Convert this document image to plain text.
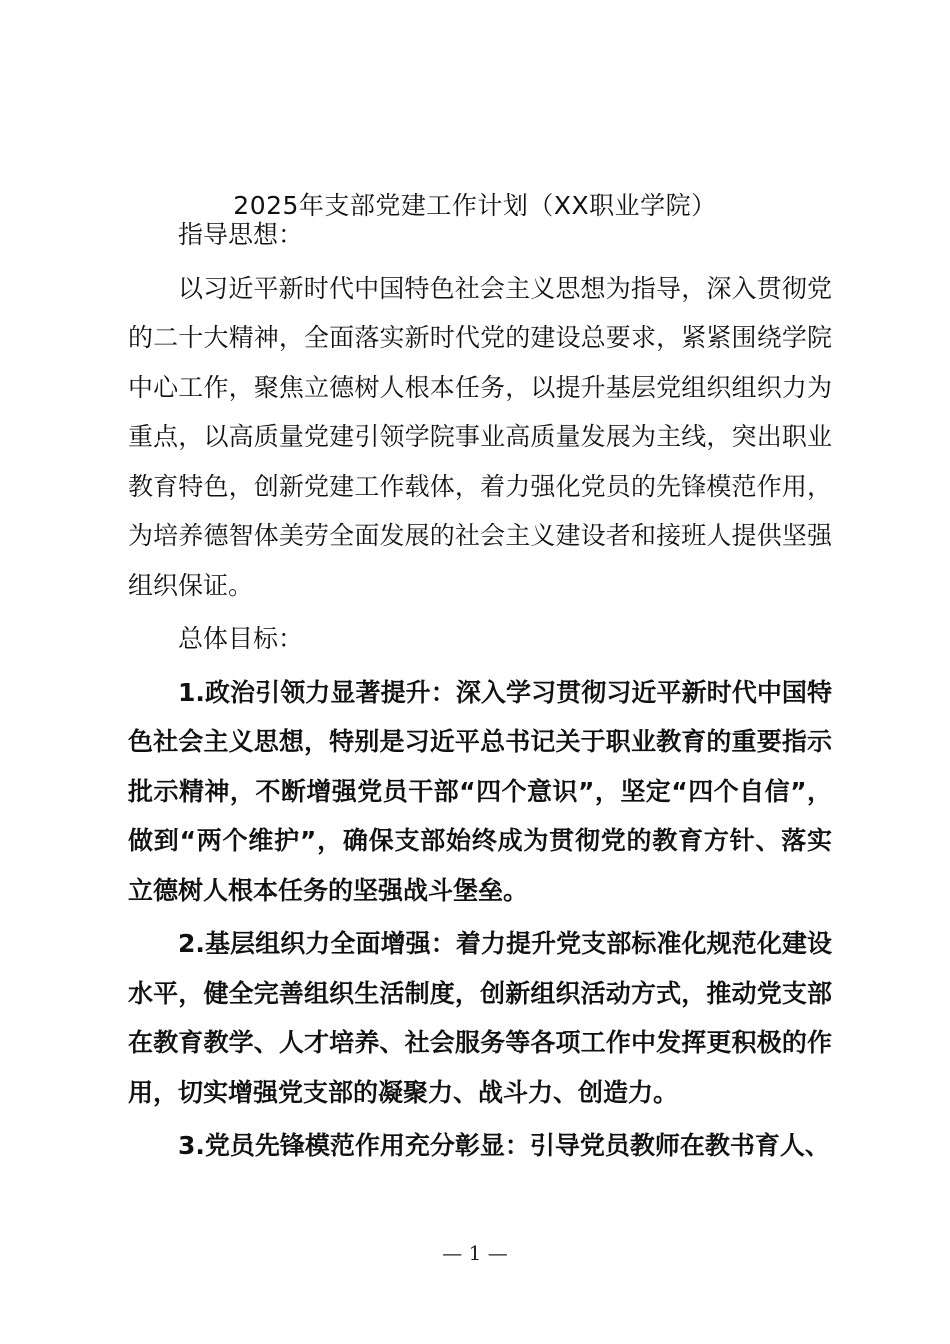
2025年支部党建工作计划（XX职业学院）

指导思想：

以习近平新时代中国特色社会主义思想为指导，深入贯彻党的二十大精神，全面落实新时代党的建设总要求，紧紧围绕学院中心工作，聚焦立德树人根本任务，以提升基层党组织组织力为重点，以高质量党建引领学院事业高质量发展为主线，突出职业教育特色，创新党建工作载体，着力强化党员的先锋模范作用，为培养德智体美劳全面发展的社会主义建设者和接班人提供坚强组织保证。

总体目标：

1.政治引领力显著提升：深入学习贯彻习近平新时代中国特色社会主义思想，特别是习近平总书记关于职业教育的重要指示批示精神，不断增强党员干部“四个意识”，坚定“四个自信”，做到“两个维护”，确保支部始终成为贯彻党的教育方针、落实立德树人根本任务的坚强战斗堡垒。

2.基层组织力全面增强：着力提升党支部标准化规范化建设水平，健全完善组织生活制度，创新组织活动方式，推动党支部在教育教学、人才培养、社会服务等各项工作中发挥更积极的作用，切实增强党支部的凝聚力、战斗力、创造力。

3.党员先锋模范作用充分彰显：引导党员教师在教书育人、

— 1 —
